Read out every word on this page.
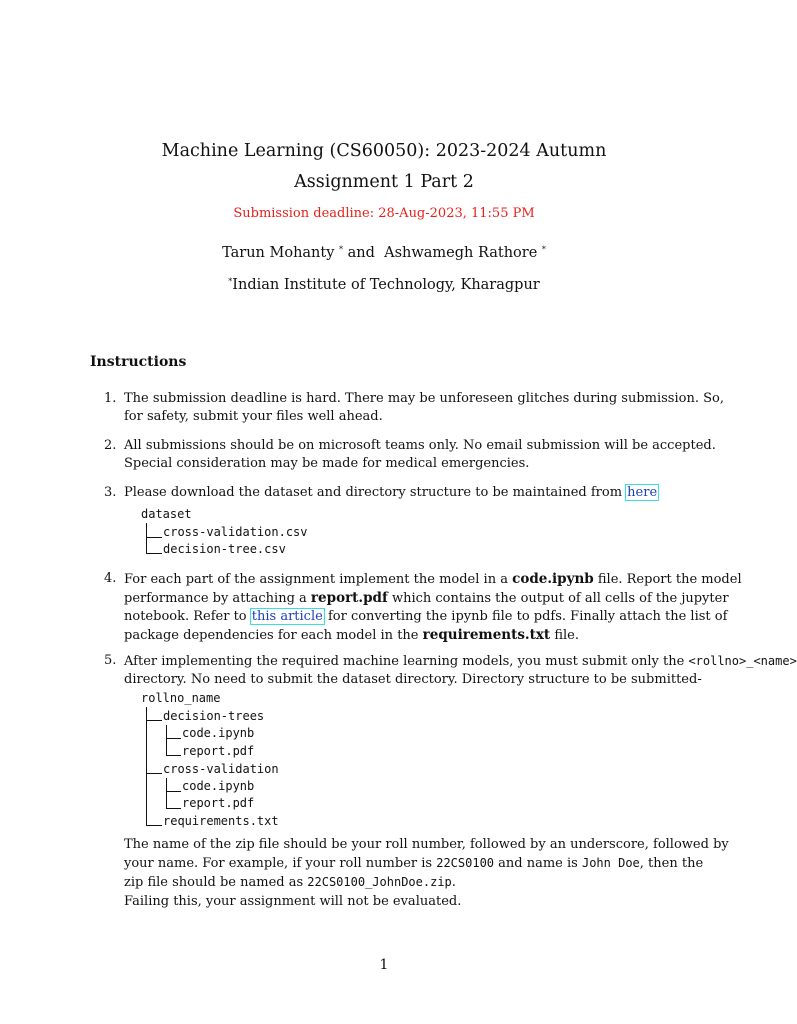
Machine Learning (CS60050): 2023-2024 Autumn
Assignment 1 Part 2
Submission deadline: 28-Aug-2023, 11:55 PM
Tarun Mohanty * and Ashwamegh Rathore *
*Indian Institute of Technology, Kharagpur
Instructions
1. The submission deadline is hard. There may be unforeseen glitches during submission. So,
for safety, submit your files well ahead.
2. All submissions should be on microsoft teams only. No email submission will be accepted.
Special consideration may be made for medical emergencies.
3. Please download the dataset and directory structure to be maintained from here
dataset
cross-validation.csv
decision-tree.csv
4. For each part of the assignment implement the model in a code.ipynb file. Report the model
performance by attaching a report.pdf which contains the output of all cells of the jupyter
notebook. Refer to this article for converting the ipynb file to pdfs. Finally attach the list of
package dependencies for each model in the requirements.txt file.
5. After implementing the required machine learning models, you must submit only the <rollno>_<name>
directory. No need to submit the dataset directory. Directory structure to be submitted-
rollno_name
decision-trees
code.ipynb
report.pdf
cross-validation
code.ipynb
report.pdf
requirements.txt
The name of the zip file should be your roll number, followed by an underscore, followed by
your name. For example, if your roll number is 22CS0100 and name is John Doe, then the
zip file should be named as 22CS0100_JohnDoe.zip.
Failing this, your assignment will not be evaluated.
1
